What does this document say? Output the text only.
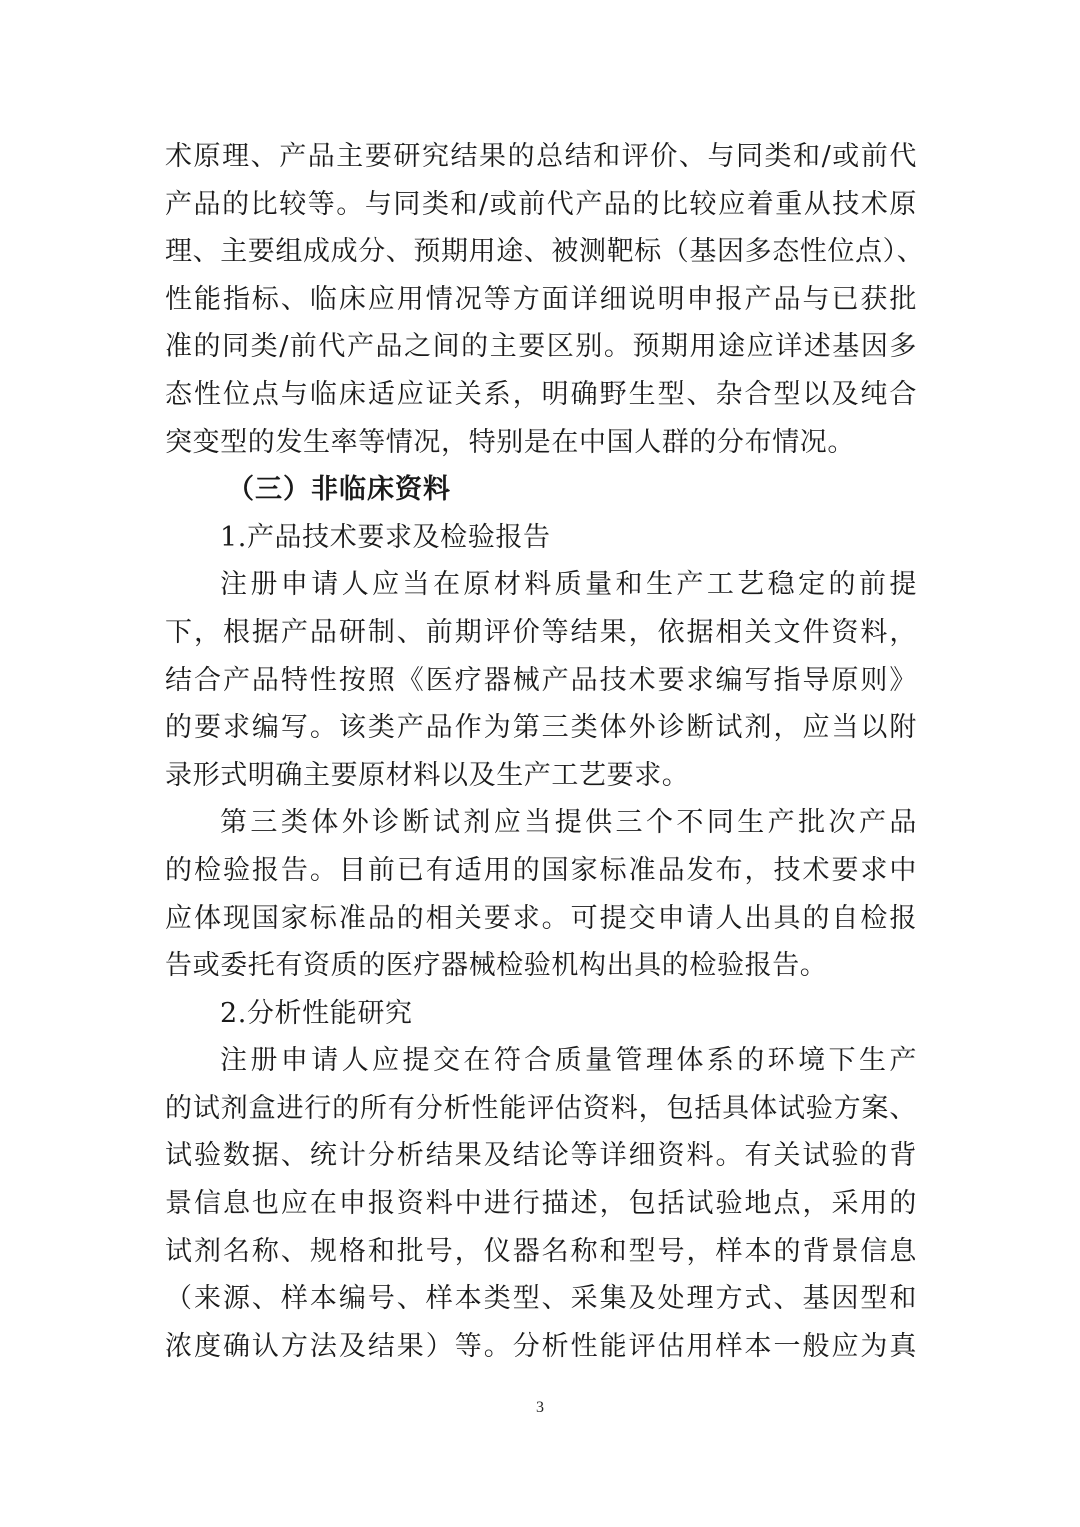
术原理、产品主要研究结果的总结和评价、与同类和/或前代
产品的比较等。与同类和/或前代产品的比较应着重从技术原
理、主要组成成分、预期用途、被测靶标（基因多态性位点）、
性能指标、临床应用情况等方面详细说明申报产品与已获批
准的同类/前代产品之间的主要区别。预期用途应详述基因多
态性位点与临床适应证关系，明确野生型、杂合型以及纯合
突变型的发生率等情况，特别是在中国人群的分布情况。
（三）非临床资料
1.产品技术要求及检验报告
注册申请人应当在原材料质量和生产工艺稳定的前提
下，根据产品研制、前期评价等结果，依据相关文件资料，
结合产品特性按照《医疗器械产品技术要求编写指导原则》
的要求编写。该类产品作为第三类体外诊断试剂，应当以附
录形式明确主要原材料以及生产工艺要求。
第三类体外诊断试剂应当提供三个不同生产批次产品
的检验报告。目前已有适用的国家标准品发布，技术要求中
应体现国家标准品的相关要求。可提交申请人出具的自检报
告或委托有资质的医疗器械检验机构出具的检验报告。
2.分析性能研究
注册申请人应提交在符合质量管理体系的环境下生产
的试剂盒进行的所有分析性能评估资料，包括具体试验方案、
试验数据、统计分析结果及结论等详细资料。有关试验的背
景信息也应在申报资料中进行描述，包括试验地点，采用的
试剂名称、规格和批号，仪器名称和型号，样本的背景信息
（来源、样本编号、样本类型、采集及处理方式、基因型和
浓度确认方法及结果）等。分析性能评估用样本一般应为真
3
